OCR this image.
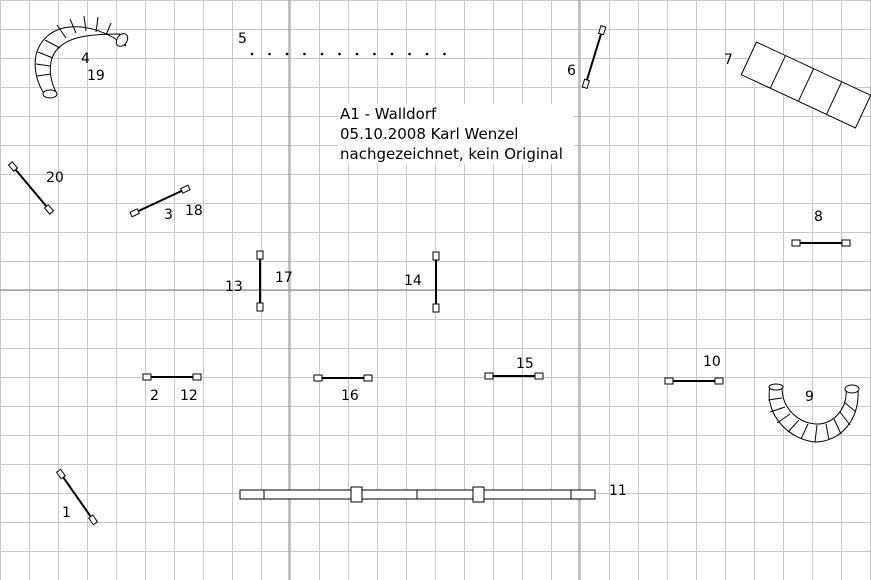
A1 - Walldorf
05.10.2008 Karl Wenzel
nachgezeichnet, kein Original
1
2
3
4
5
6
7
8
9
10
11
12
13	14
15
16
17
18
19
20
